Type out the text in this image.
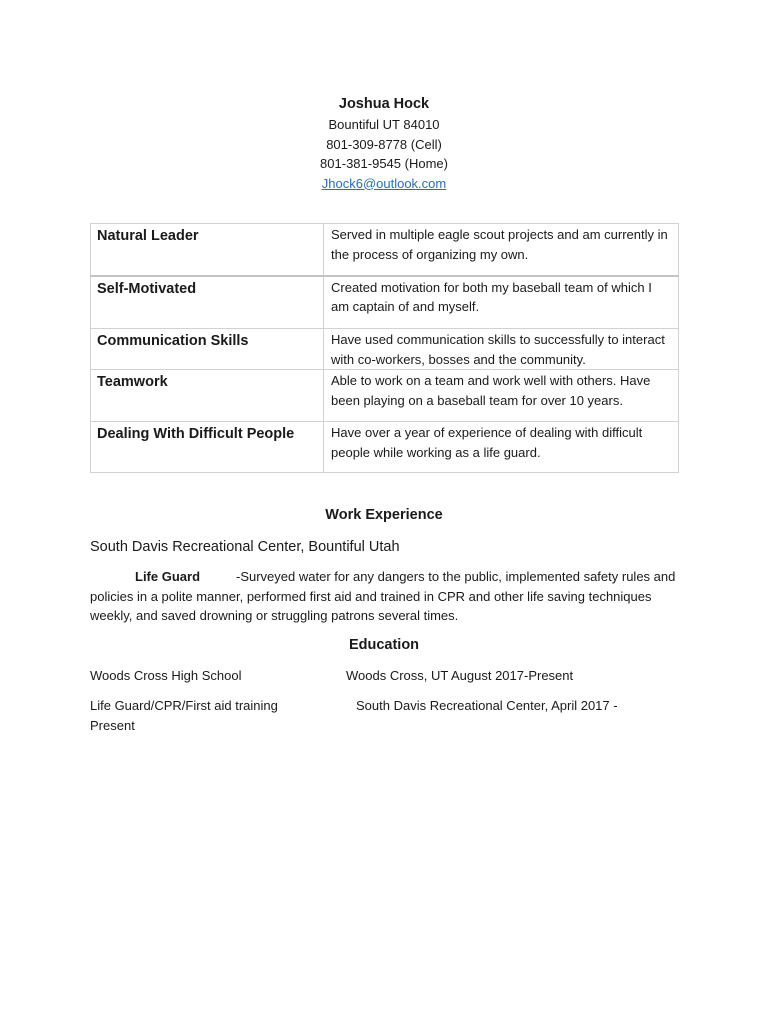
Joshua Hock
Bountiful UT 84010
801-309-8778 (Cell)
801-381-9545 (Home)
Jhock6@outlook.com
Natural Leader	Served in multiple eagle scout projects and am currently in the process of organizing my own.
Self-Motivated	Created motivation for both my baseball team of which I am captain of and myself.
Communication Skills	Have used communication skills to successfully to interact with co-workers, bosses and the community.
Teamwork	Able to work on a team and work well with others. Have been playing on a baseball team for over 10 years.
Dealing With Difficult People	Have over a year of experience of dealing with difficult people while working as a life guard.
Work Experience
South Davis Recreational Center, Bountiful Utah
Life Guard	-Surveyed water for any dangers to the public, implemented safety rules and policies in a polite manner, performed first aid and trained in CPR and other life saving techniques weekly, and saved drowning or struggling patrons several times.
Education
Woods Cross High School	Woods Cross, UT August 2017-Present
Life Guard/CPR/First aid training	South Davis Recreational Center, April 2017 -
Present
